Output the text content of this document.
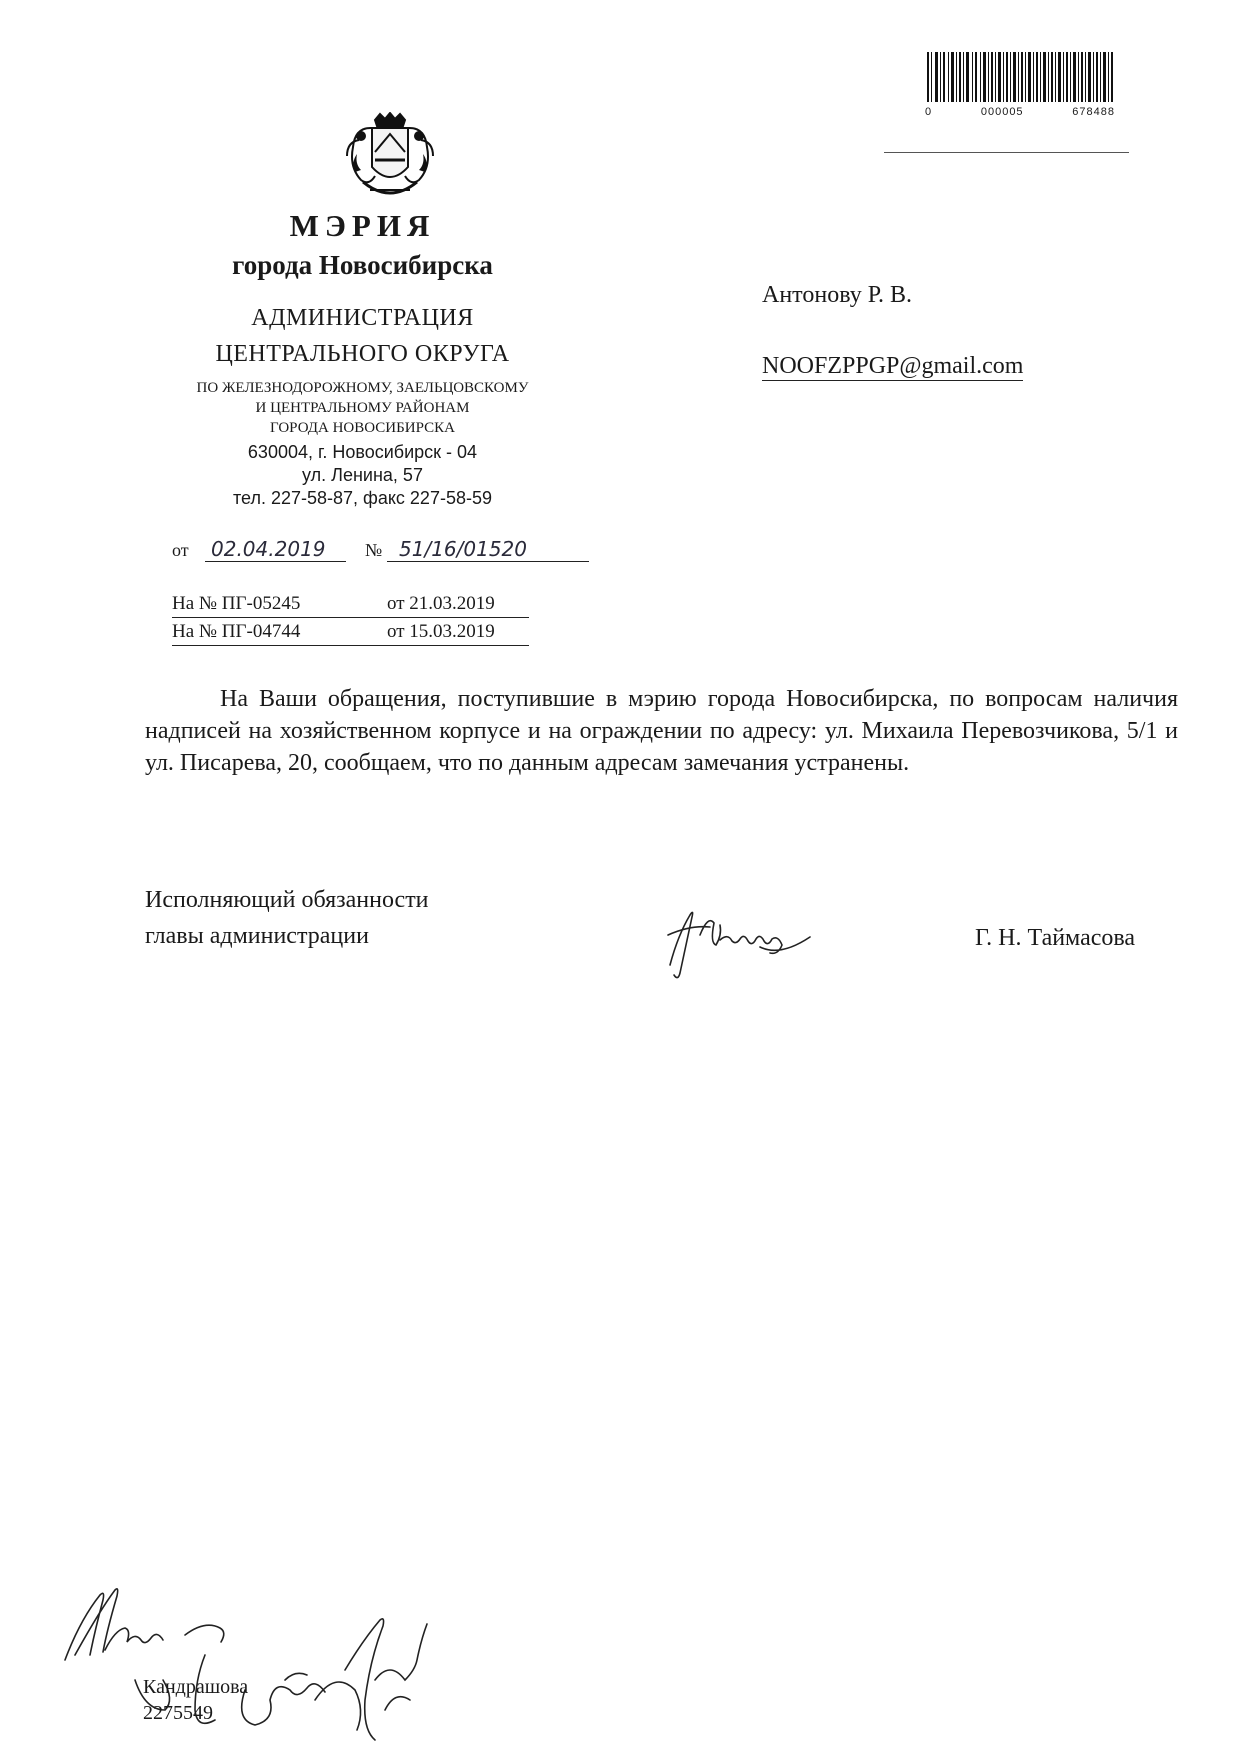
0	000005	678488
МЭРИЯ
города Новосибирска
АДМИНИСТРАЦИЯ
ЦЕНТРАЛЬНОГО ОКРУГА
ПО ЖЕЛЕЗНОДОРОЖНОМУ, ЗАЕЛЬЦОВСКОМУ
И ЦЕНТРАЛЬНОМУ РАЙОНАМ
ГОРОДА НОВОСИБИРСКА
630004, г. Новосибирск - 04
ул. Ленина, 57
тел. 227-58-87, факс 227-58-59
от	02.04.2019	№ 51/16/01520
На № ПГ-05245	от 21.03.2019
На № ПГ-04744	от 15.03.2019
Антонову Р. В.
NOOFZPPGP@gmail.com
На Ваши обращения, поступившие в мэрию города Новосибирска, по вопросам наличия надписей на хозяйственном корпусе и на ограждении по адресу: ул. Михаила Перевозчикова, 5/1 и ул. Писарева, 20, сообщаем, что по данным адресам замечания устранены.
Исполняющий обязанности
главы администрации	Г. Н. Таймасова
Кандрашова
2275549
